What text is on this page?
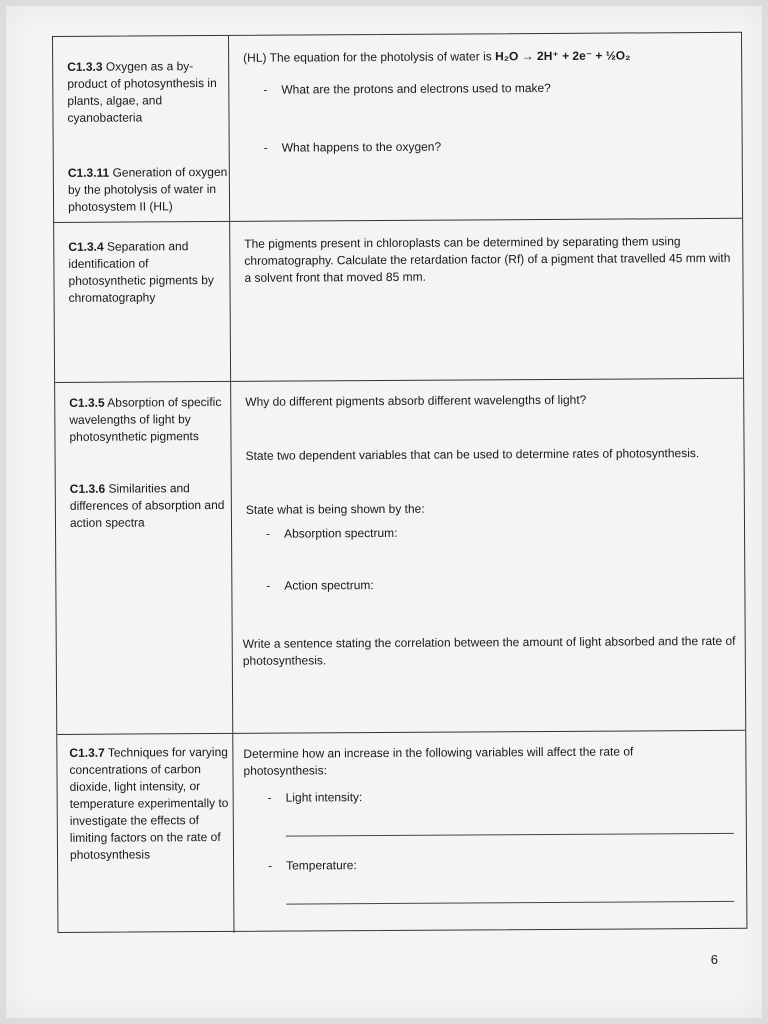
C1.3.3 Oxygen as a by-product of photosynthesis in plants, algae, and cyanobacteria
C1.3.11 Generation of oxygen by the photolysis of water in photosystem II (HL)
(HL) The equation for the photolysis of water is H₂O → 2H⁺ + 2e⁻ + ½O₂
- What are the protons and electrons used to make?
- What happens to the oxygen?
C1.3.4 Separation and identification of photosynthetic pigments by chromatography
The pigments present in chloroplasts can be determined by separating them using chromatography. Calculate the retardation factor (Rf) of a pigment that travelled 45 mm with a solvent front that moved 85 mm.
C1.3.5 Absorption of specific wavelengths of light by photosynthetic pigments
C1.3.6 Similarities and differences of absorption and action spectra
Why do different pigments absorb different wavelengths of light?
State two dependent variables that can be used to determine rates of photosynthesis.
State what is being shown by the:
- Absorption spectrum:
- Action spectrum:
Write a sentence stating the correlation between the amount of light absorbed and the rate of photosynthesis.
C1.3.7 Techniques for varying concentrations of carbon dioxide, light intensity, or temperature experimentally to investigate the effects of limiting factors on the rate of photosynthesis
Determine how an increase in the following variables will affect the rate of photosynthesis:
- Light intensity:
- Temperature:
6
